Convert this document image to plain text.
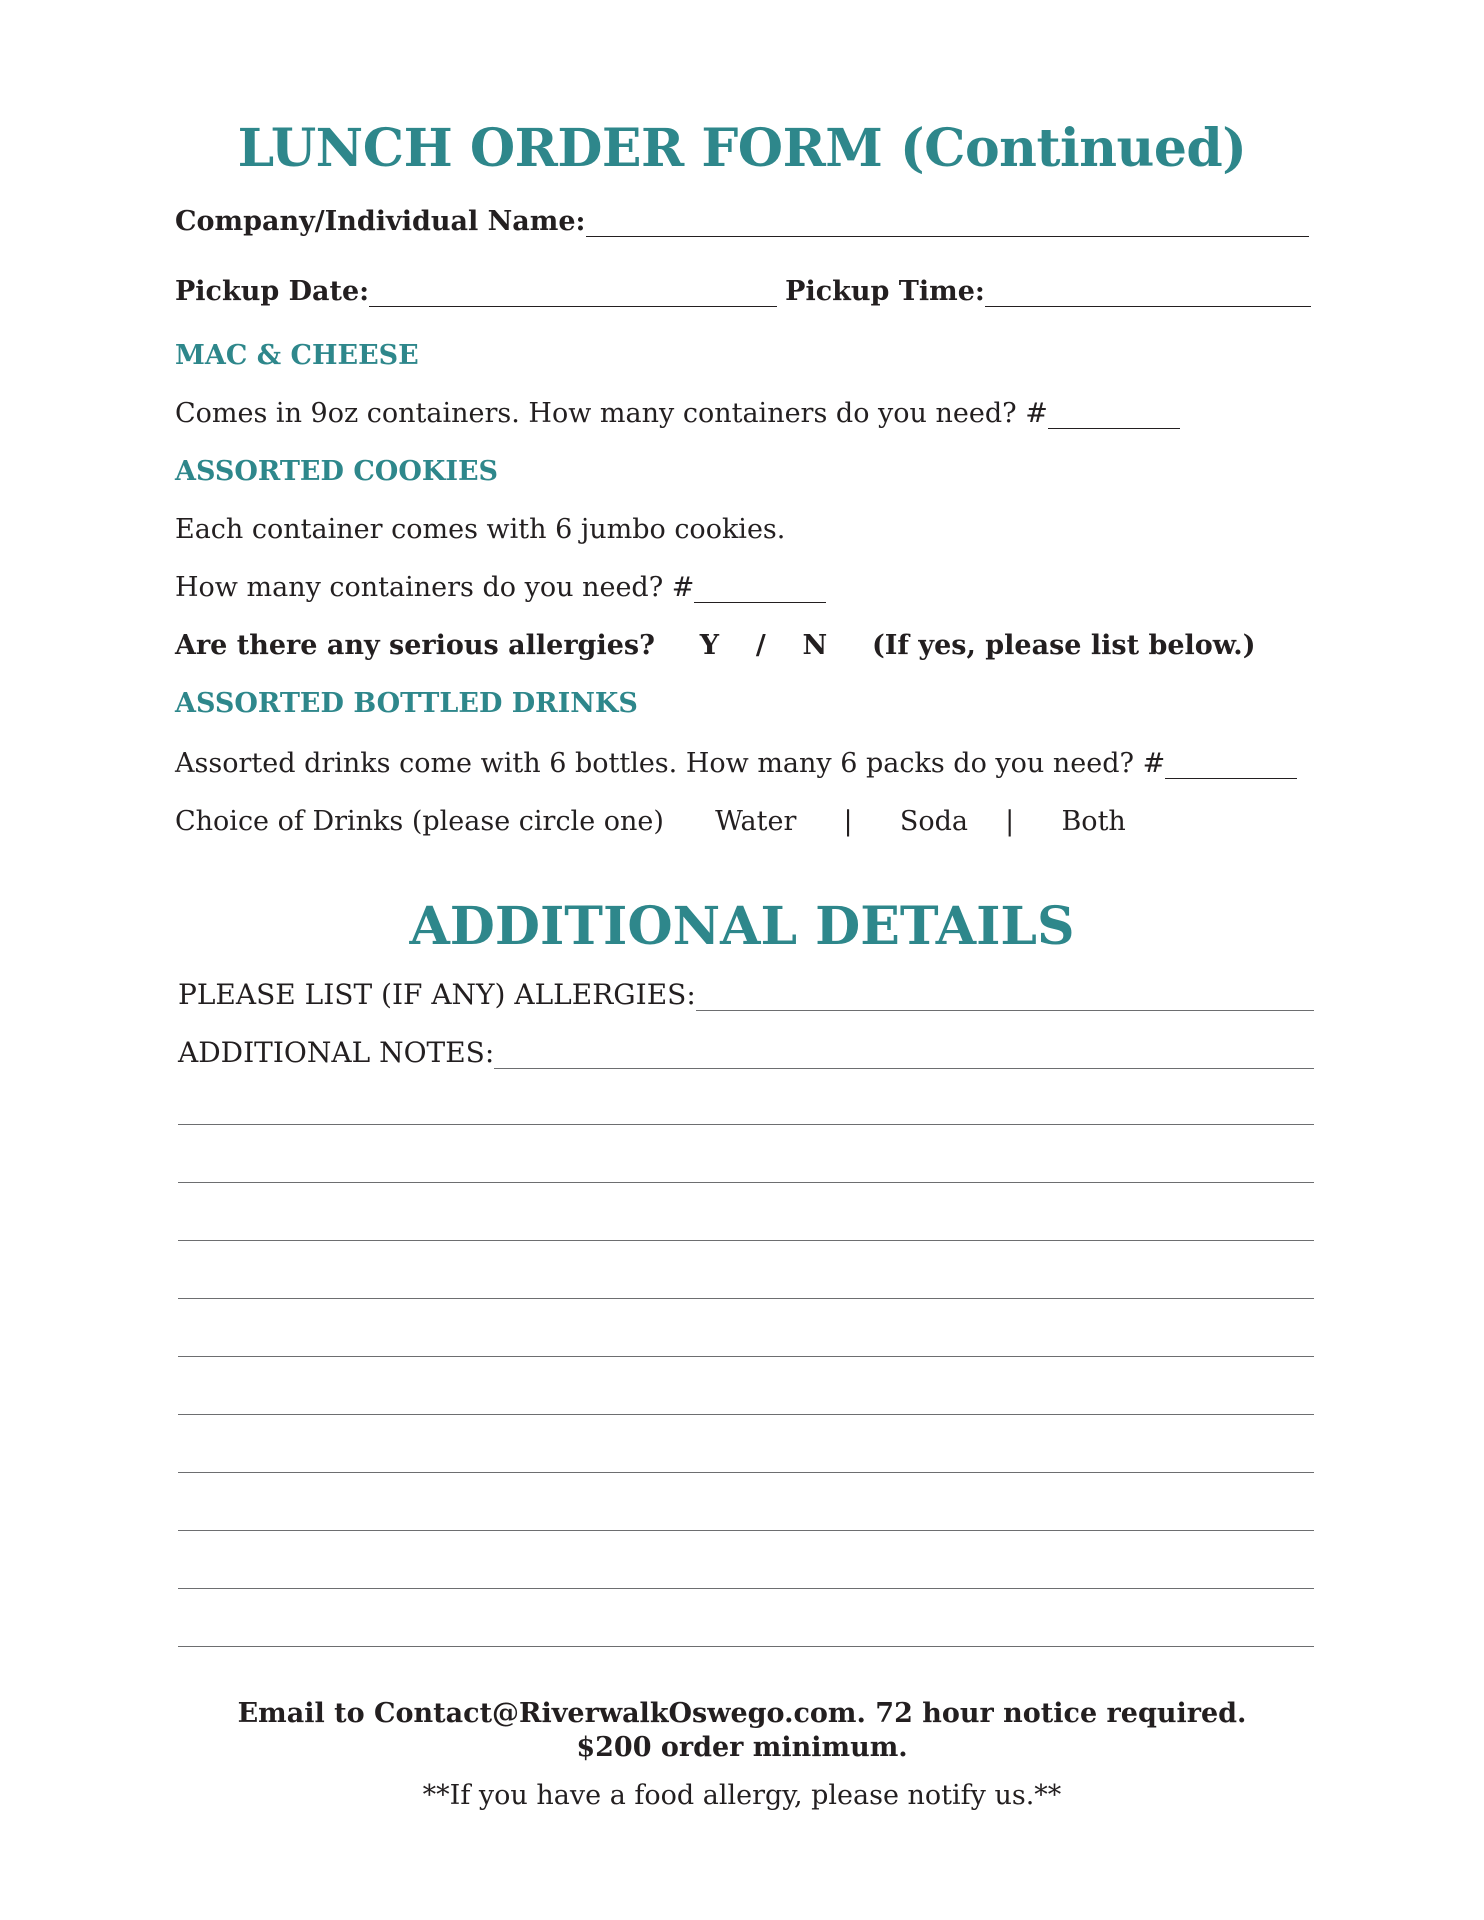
LUNCH ORDER FORM (Continued)
Company/Individual Name:
Pickup Date:	Pickup Time:
MAC & CHEESE
Comes in 9oz containers. How many containers do you need? #
ASSORTED COOKIES
Each container comes with 6 jumbo cookies.
How many containers do you need? #
Are there any serious allergies? Y / N (If yes, please list below.)
ASSORTED BOTTLED DRINKS
Assorted drinks come with 6 bottles. How many 6 packs do you need? #
Choice of Drinks (please circle one) Water | Soda | Both
ADDITIONAL DETAILS
PLEASE LIST (IF ANY) ALLERGIES:
ADDITIONAL NOTES:
Email to Contact@RiverwalkOswego.com. 72 hour notice required.
$200 order minimum.
**If you have a food allergy, please notify us.**
